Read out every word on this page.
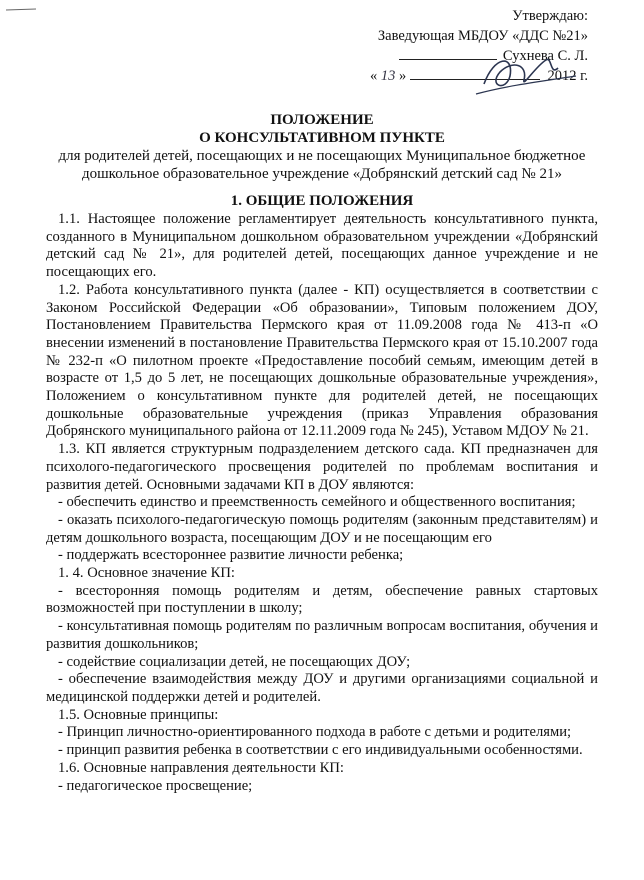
Утверждаю:
Заведующая МБДОУ «ДДС №21»
Сухнева С. Л.
« 13 »	2012 г.
ПОЛОЖЕНИЕ
О КОНСУЛЬТАТИВНОМ ПУНКТЕ
для родителей детей, посещающих и не посещающих Муниципальное бюджетное
дошкольное образовательное учреждение «Добрянский детский сад № 21»
1. ОБЩИЕ ПОЛОЖЕНИЯ

1.1. Настоящее положение регламентирует деятельность консультативного пункта, созданного в Муниципальном дошкольном образовательном учреждении «Добрянский детский сад № 21», для родителей детей, посещающих данное учреждение и не посещающих его.

1.2. Работа консультативного пункта (далее - КП) осуществляется в соответствии с Законом Российской Федерации «Об образовании», Типовым положением ДОУ, Постановлением Правительства Пермского края от 11.09.2008 года № 413-п «О внесении изменений в постановление Правительства Пермского края от 15.10.2007 года № 232-п «О пилотном проекте «Предоставление пособий семьям, имеющим детей в возрасте от 1,5 до 5 лет, не посещающих дошкольные образовательные учреждения», Положением о консультативном пункте для родителей детей, не посещающих дошкольные образовательные учреждения (приказ Управления образования Добрянского муниципального района от 12.11.2009 года № 245), Уставом МДОУ № 21.

1.3. КП является структурным подразделением детского сада. КП предназначен для психолого-педагогического просвещения родителей по проблемам воспитания и развития детей. Основными задачами КП в ДОУ являются:

- обеспечить единство и преемственность семейного и общественного воспитания;

- оказать психолого-педагогическую помощь родителям (законным представителям) и детям дошкольного возраста, посещающим ДОУ и не посещающим его

- поддержать всестороннее развитие личности ребенка;

1. 4. Основное значение КП:

- всесторонняя помощь родителям и детям, обеспечение равных стартовых возможностей при поступлении в школу;

- консультативная помощь родителям по различным вопросам воспитания, обучения и развития дошкольников;

- содействие социализации детей, не посещающих ДОУ;

- обеспечение взаимодействия между ДОУ и другими организациями социальной и медицинской поддержки детей и родителей.

1.5. Основные принципы:

- Принцип личностно-ориентированного подхода в работе с детьми и родителями;

- принцип развития ребенка в соответствии с его индивидуальными особенностями.

1.6. Основные направления деятельности КП:

- педагогическое просвещение;
